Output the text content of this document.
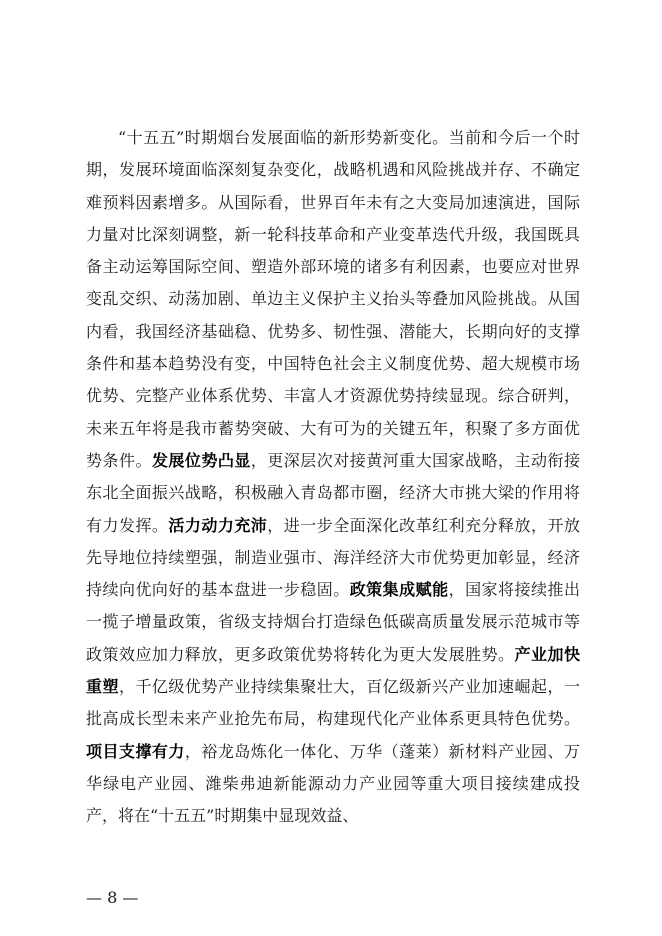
“十五五”时期烟台发展面临的新形势新变化。当前和今后一个时期，发展环境面临深刻复杂变化，战略机遇和风险挑战并存、不确定难预料因素增多。从国际看，世界百年未有之大变局加速演进，国际力量对比深刻调整，新一轮科技革命和产业变革迭代升级，我国既具备主动运筹国际空间、塑造外部环境的诸多有利因素，也要应对世界变乱交织、动荡加剧、单边主义保护主义抬头等叠加风险挑战。从国内看，我国经济基础稳、优势多、韧性强、潜能大，长期向好的支撑条件和基本趋势没有变，中国特色社会主义制度优势、超大规模市场优势、完整产业体系优势、丰富人才资源优势持续显现。综合研判，未来五年将是我市蓄势突破、大有可为的关键五年，积聚了多方面优势条件。发展位势凸显，更深层次对接黄河重大国家战略，主动衔接东北全面振兴战略，积极融入青岛都市圈，经济大市挑大梁的作用将有力发挥。活力动力充沛，进一步全面深化改革红利充分释放，开放先导地位持续塑强，制造业强市、海洋经济大市优势更加彰显，经济持续向优向好的基本盘进一步稳固。政策集成赋能，国家将接续推出一揽子增量政策，省级支持烟台打造绿色低碳高质量发展示范城市等政策效应加力释放，更多政策优势将转化为更大发展胜势。产业加快重塑，千亿级优势产业持续集聚壮大，百亿级新兴产业加速崛起，一批高成长型未来产业抢先布局，构建现代化产业体系更具特色优势。项目支撑有力，裕龙岛炼化一体化、万华（蓬莱）新材料产业园、万华绿电产业园、潍柴弗迪新能源动力产业园等重大项目接续建成投产，将在“十五五”时期集中显现效益、

— 8 —
